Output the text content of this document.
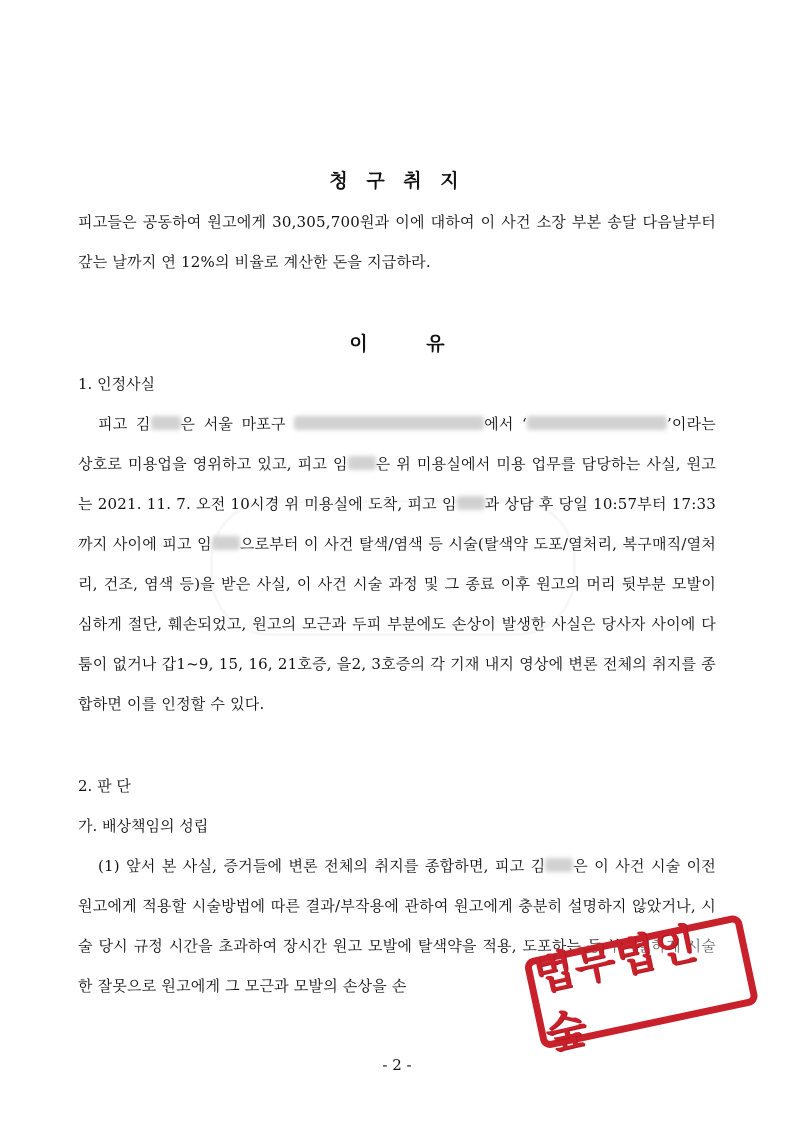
청 구 취 지
피고들은 공동하여 원고에게 30,305,700원과 이에 대하여 이 사건 소장 부본 송달 다음날부터 갚는 날까지 연 12%의 비율로 계산한 돈을 지급하라.
이 유
1. 인정사실
피고 김 은 서울 마포구	에서 ‘	’이라는 상호로 미용업을 영위하고 있고, 피고 임 은 위 미용실에서 미용 업무를 담당하는 사실, 원고는 2021. 11. 7. 오전 10시경 위 미용실에 도착, 피고 임 과 상담 후 당일 10:57부터 17:33까지 사이에 피고 임 으로부터 이 사건 탈색/염색 등 시술(탈색약 도포/열처리, 복구매직/열처리, 건조, 염색 등)을 받은 사실, 이 사건 시술 과정 및 그 종료 이후 원고의 머리 뒷부분 모발이 심하게 절단, 훼손되었고, 원고의 모근과 두피 부분에도 손상이 발생한 사실은 당사자 사이에 다툼이 없거나 갑1~9, 15, 16, 21호증, 을2, 3호증의 각 기재 내지 영상에 변론 전체의 취지를 종합하면 이를 인정할 수 있다.
2. 판 단
가. 배상책임의 성립
(1) 앞서 본 사실, 증거들에 변론 전체의 취지를 종합하면, 피고 김 은 이 사건 시술 이전 원고에게 적용할 시술방법에 따른 결과/부작용에 관하여 원고에게 충분히 설명하지 않았거나, 시술 당시 규정 시간을 초과하여 장시간 원고 모발에 탈색약을 적용, 도포하는 등 부적절하게 시술한 잘못으로 원고에게 그 모근과 모발의 손상을 손
- 2 -
법무법인 숲
